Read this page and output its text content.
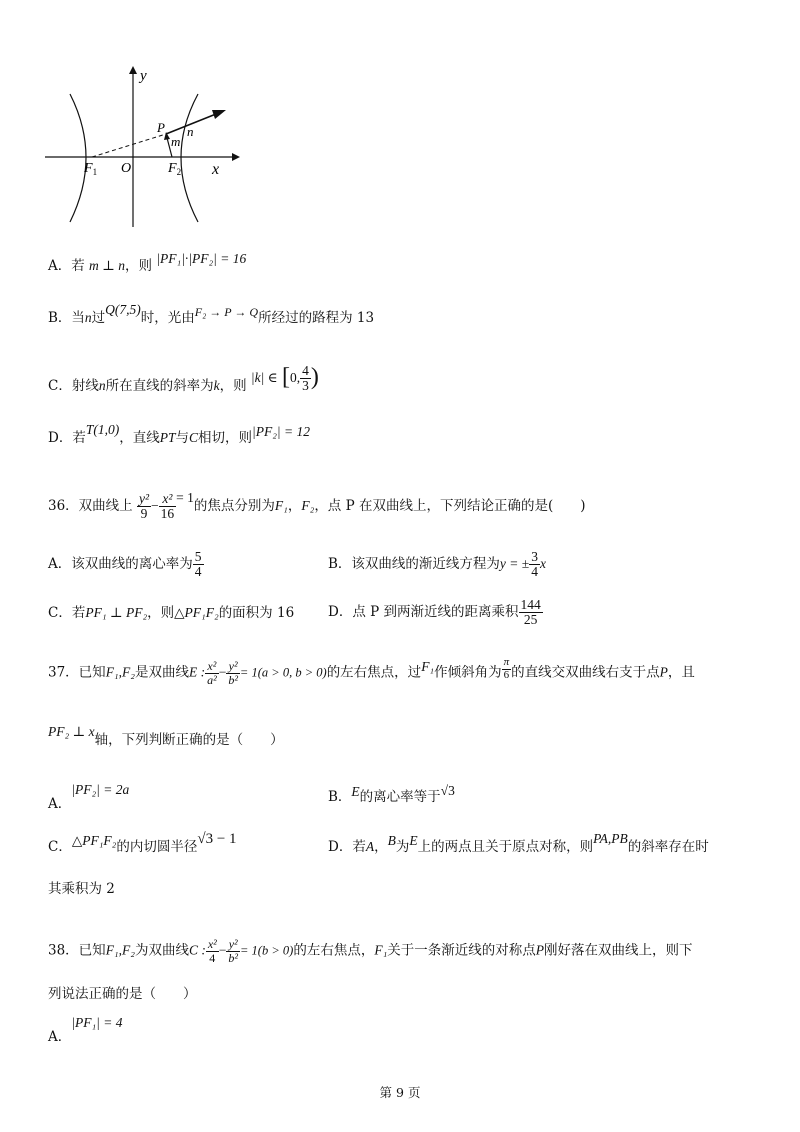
y
x
P n
m
$F_1$ O	$F_2$
A．若 m ⊥ n，则 |PF₁|·|PF₂| = 16
B．当n过Q(7,5)时，光由F₂ → P → Q所经过的路程为 13
C．射线n所在直线的斜率为k，则 |k| ∈ [0, $\frac{4}{3}$ )
D．若T(1,0)，直线PT与C相切，则|PF₂| = 12
36．双曲线上 $\frac{\text{y²}}{9} - \frac{\text{x²}}{16} = 1$的焦点分别为F₁，F₂，点 P 在双曲线上，下列结论正确的是(　　)
A．该双曲线的离心率为 $\frac{5}{4}$	B．该双曲线的渐近线方程为y = ± $\frac{3}{4}$ x
C．若PF₁ ⊥ PF₂，则△PF₁F₂的面积为 16	D．点 P 到两渐近线的距离乘积 $\frac{144}{25}$
37．已知F₁,F₂是双曲线E : $\frac{\text{x²}}{\text{a²}} - \frac{\text{y²}}{\text{b²}} = 1(a > 0$, b > 0)的左右焦点，过F₁作倾斜角为 $\frac{\pi}{6}$ 的直线交双曲线右支于点P，且
PF₂ ⊥ x轴，下列判断正确的是（　　）
A．|PF₂| = 2a	B．E的离心率等于√3
C．△PF₁F₂的内切圆半径√3 − 1	D．若A，B为E上的两点且关于原点对称，则PA,PB的斜率存在时
其乘积为 2
38．已知F₁,F₂为双曲线C : $\frac{\text{x²}}{4} - \frac{\text{y²}}{\text{b²}} = 1(b > 0)$的左右焦点，F₁关于一条渐近线的对称点P刚好落在双曲线上，则下
列说法正确的是（　　）
A．|PF₁| = 4
第 9 页
